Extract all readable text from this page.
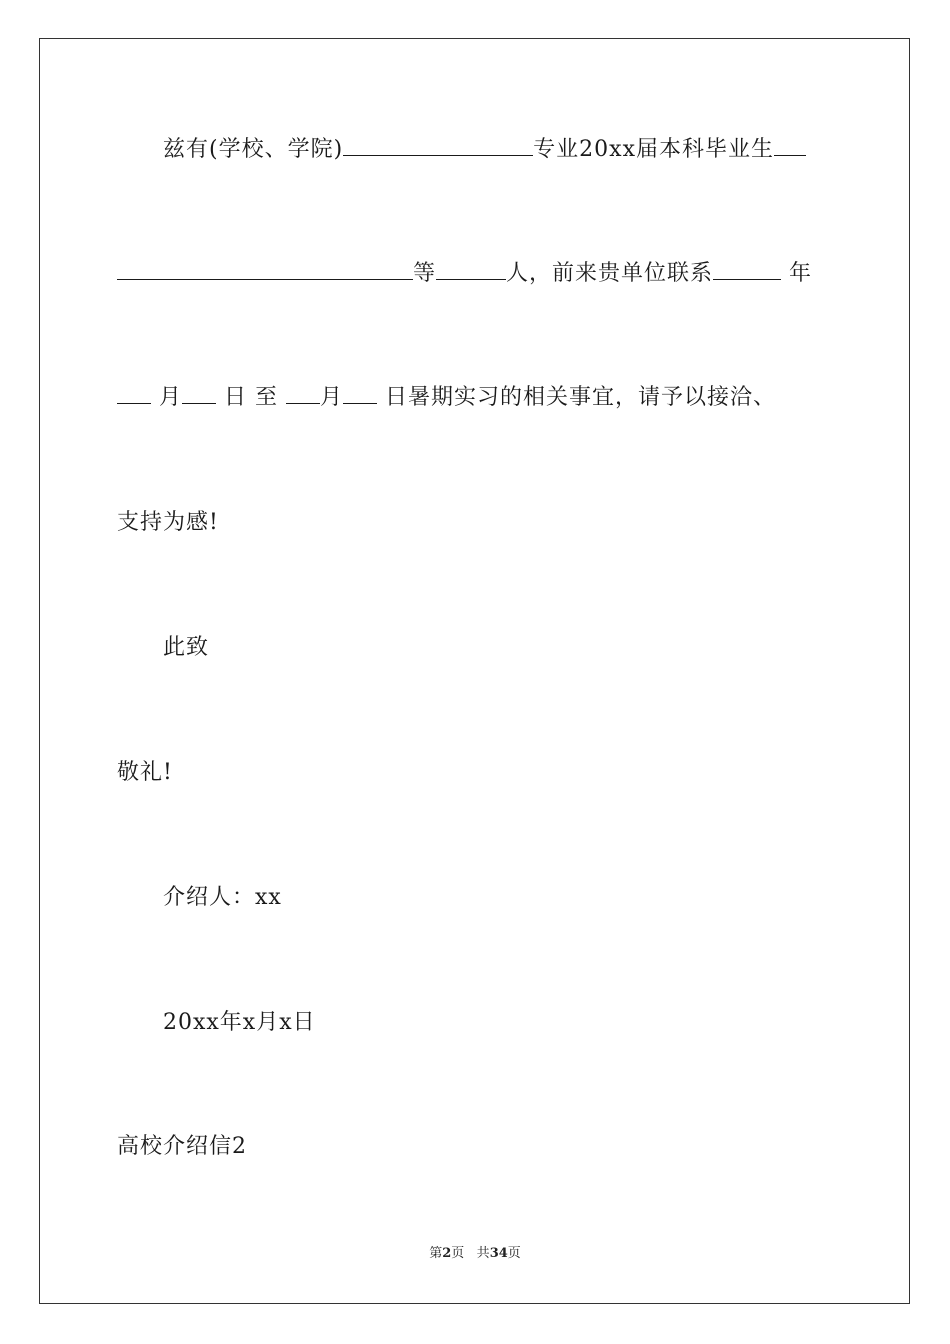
兹有(学校、学院)	专业20xx届本科毕业生
等	人，前来贵单位联系	年
月 日 至 月 日暑期实习的相关事宜，请予以接洽、
支持为感!
此致
敬礼!
介绍人：xx
20xx年x月x日
高校介绍信2
第2页 共34页
